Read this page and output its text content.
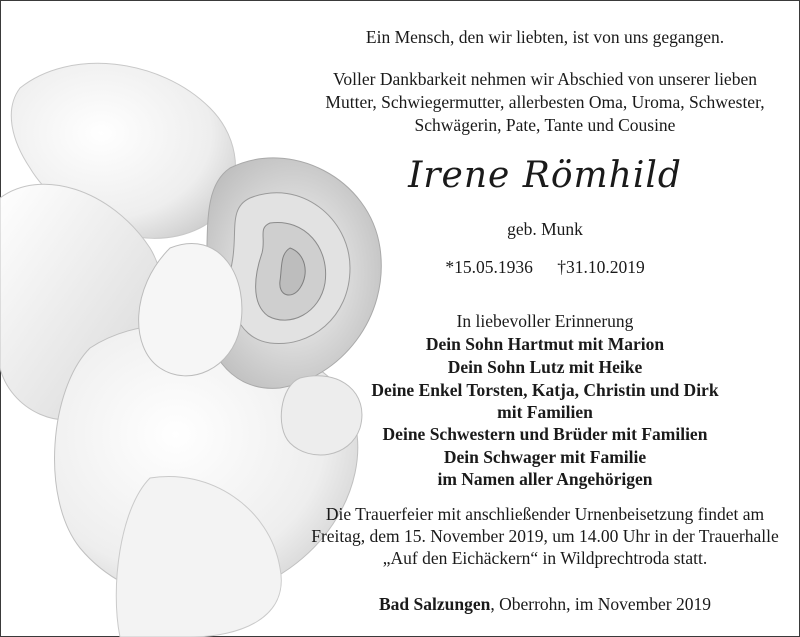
Ein Mensch, den wir liebten, ist von uns gegangen.
Voller Dankbarkeit nehmen wir Abschied von unserer lieben
Mutter, Schwiegermutter, allerbesten Oma, Uroma, Schwester,
Schwägerin, Pate, Tante und Cousine
Irene Römhild
geb. Munk
*15.05.1936 †31.10.2019
In liebevoller Erinnerung
Dein Sohn Hartmut mit Marion
Dein Sohn Lutz mit Heike
Deine Enkel Torsten, Katja, Christin und Dirk
mit Familien
Deine Schwestern und Brüder mit Familien
Dein Schwager mit Familie
im Namen aller Angehörigen
Die Trauerfeier mit anschließender Urnenbeisetzung findet am
Freitag, dem 15. November 2019, um 14.00 Uhr in der Trauerhalle
„Auf den Eichäckern“ in Wildprechtroda statt.
Bad Salzungen, Oberrohn, im November 2019
